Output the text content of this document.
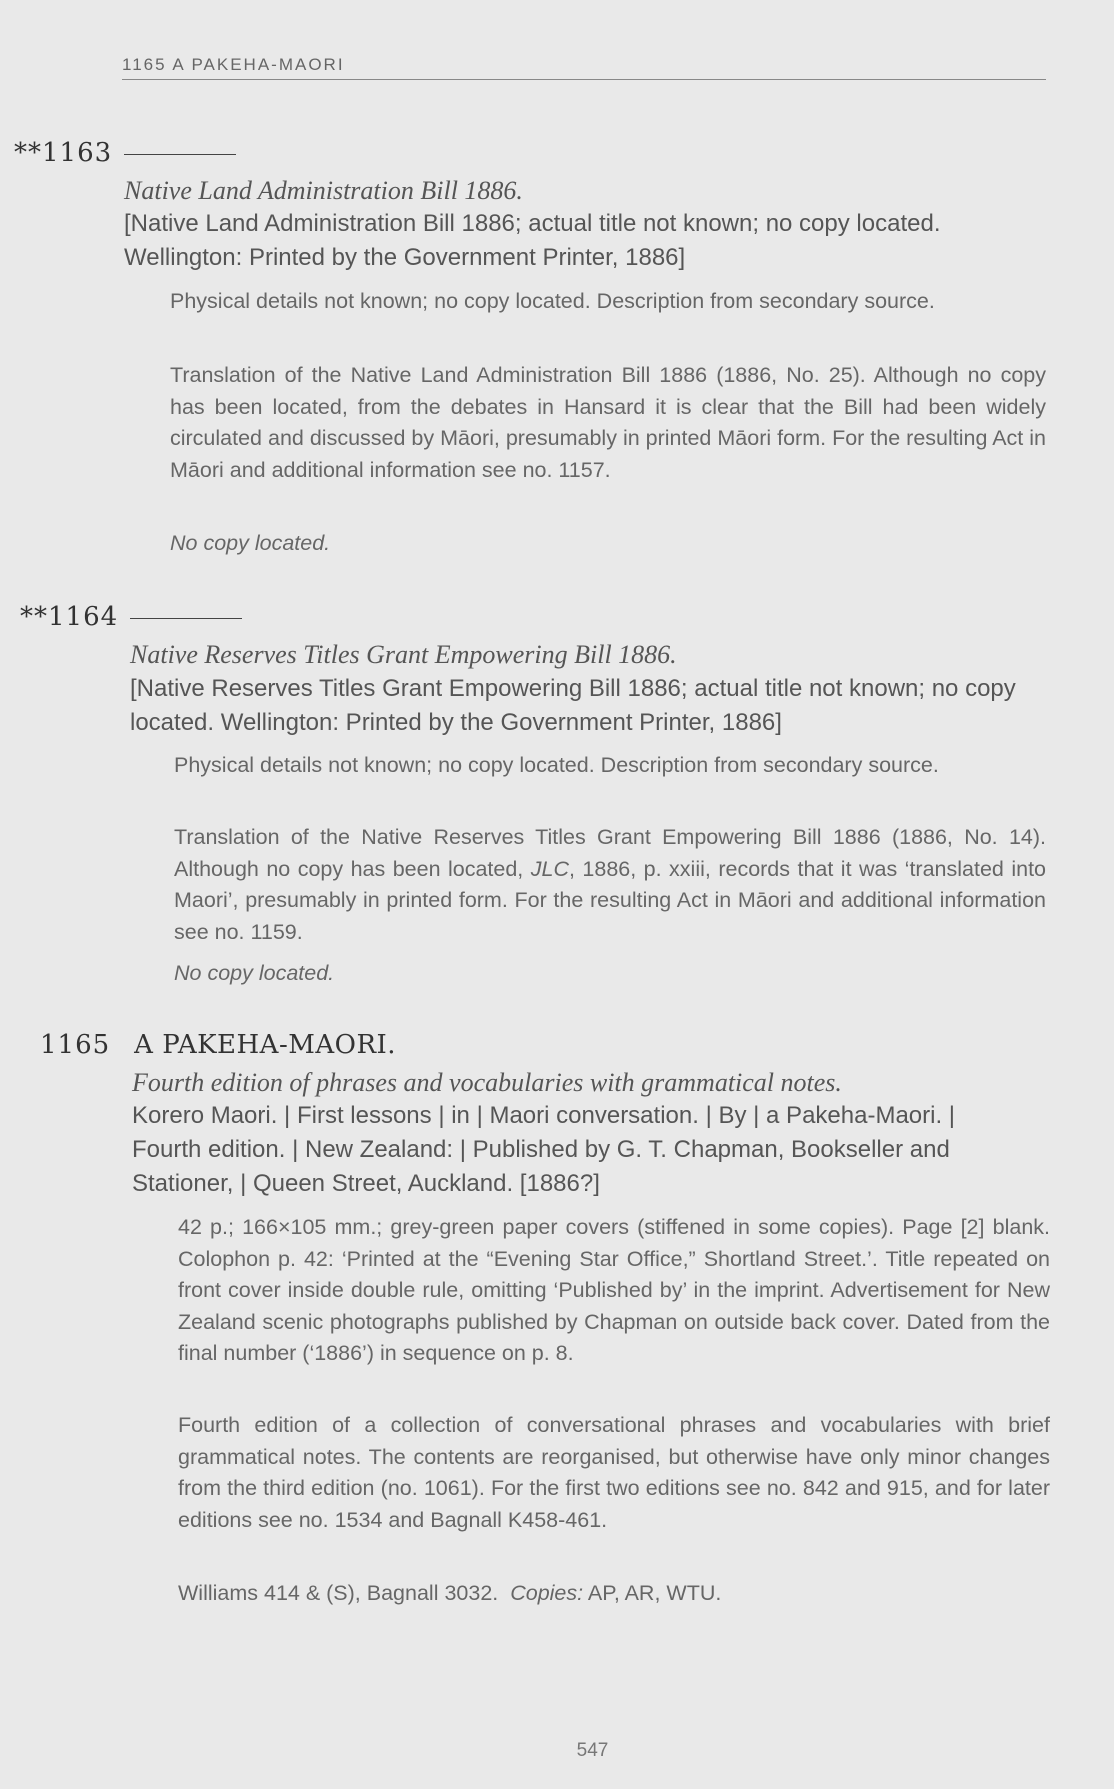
1165 A PAKEHA-MAORI
**1163
Native Land Administration Bill 1886.
[Native Land Administration Bill 1886; actual title not known; no copy located. Wellington: Printed by the Government Printer, 1886]
Physical details not known; no copy located. Description from secondary source.
Translation of the Native Land Administration Bill 1886 (1886, No. 25). Although no copy has been located, from the debates in Hansard it is clear that the Bill had been widely circulated and discussed by Māori, presumably in printed Māori form. For the resulting Act in Māori and additional information see no. 1157.
No copy located.
**1164
Native Reserves Titles Grant Empowering Bill 1886.
[Native Reserves Titles Grant Empowering Bill 1886; actual title not known; no copy located. Wellington: Printed by the Government Printer, 1886]
Physical details not known; no copy located. Description from secondary source.
Translation of the Native Reserves Titles Grant Empowering Bill 1886 (1886, No. 14). Although no copy has been located, JLC, 1886, p. xxiii, records that it was ‘translated into Maori’, presumably in printed form. For the resulting Act in Māori and additional information see no. 1159.
No copy located.
1165 A PAKEHA-MAORI.
Fourth edition of phrases and vocabularies with grammatical notes.
Korero Maori. | First lessons | in | Maori conversation. | By | a Pakeha-Maori. | Fourth edition. | New Zealand: | Published by G. T. Chapman, Bookseller and Stationer, | Queen Street, Auckland. [1886?]
42 p.; 166×105 mm.; grey-green paper covers (stiffened in some copies). Page [2] blank. Colophon p. 42: ‘Printed at the “Evening Star Office,” Shortland Street.’. Title repeated on front cover inside double rule, omitting ‘Published by’ in the imprint. Advertisement for New Zealand scenic photographs published by Chapman on outside back cover. Dated from the final number (‘1886’) in sequence on p. 8.
Fourth edition of a collection of conversational phrases and vocabularies with brief grammatical notes. The contents are reorganised, but otherwise have only minor changes from the third edition (no. 1061). For the first two editions see no. 842 and 915, and for later editions see no. 1534 and Bagnall K458-461.
Williams 414 & (S), Bagnall 3032. Copies: AP, AR, WTU.
547
